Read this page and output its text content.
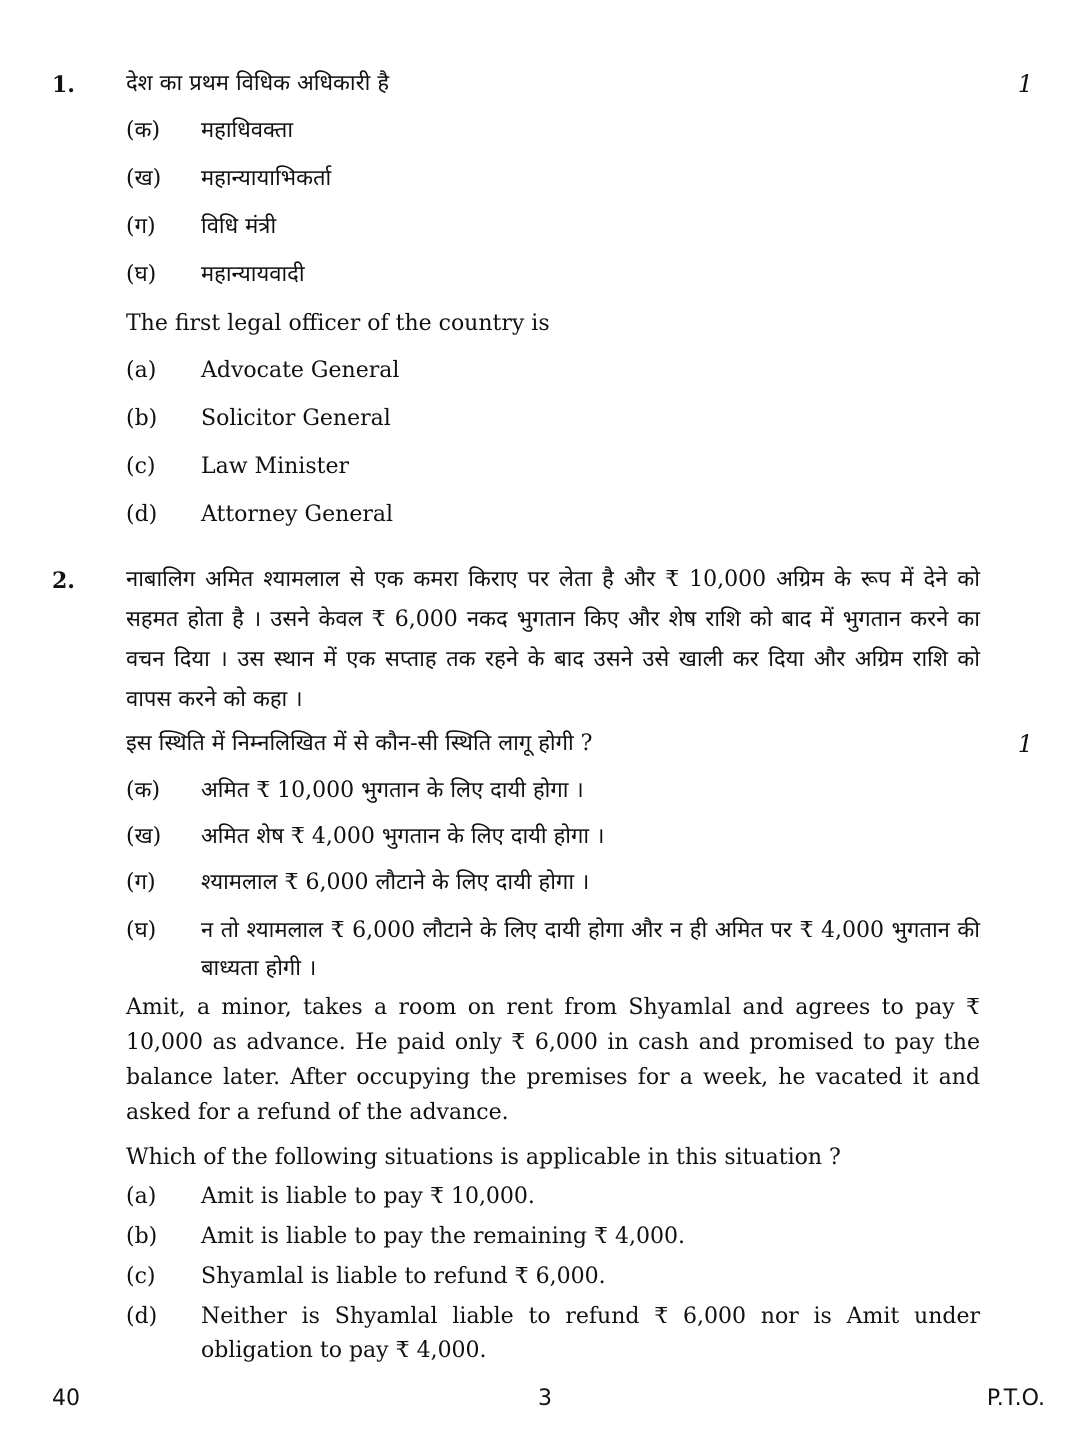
1.	1
देश का प्रथम विधिक अधिकारी है
(क) महाधिवक्ता
(ख) महान्यायाभिकर्ता
(ग) विधि मंत्री
(घ) महान्यायवादी
The first legal officer of the country is
(a) Advocate General
(b) Solicitor General
(c) Law Minister
(d) Attorney General
2. नाबालिग अमित श्यामलाल से एक कमरा किराए पर लेता है और ₹ 10,000 अग्रिम के रूप में देने को सहमत होता है । उसने केवल ₹ 6,000 नकद भुगतान किए और शेष राशि को बाद में भुगतान करने का वचन दिया । उस स्थान में एक सप्ताह तक रहने के बाद उसने उसे खाली कर दिया और अग्रिम राशि को वापस करने को कहा ।
इस स्थिति में निम्नलिखित में से कौन-सी स्थिति लागू होगी ?	1
(क) अमित ₹ 10,000 भुगतान के लिए दायी होगा ।
(ख) अमित शेष ₹ 4,000 भुगतान के लिए दायी होगा ।
(ग) श्यामलाल ₹ 6,000 लौटाने के लिए दायी होगा ।
(घ) न तो श्यामलाल ₹ 6,000 लौटाने के लिए दायी होगा और न ही अमित पर ₹ 4,000 भुगतान की बाध्यता होगी ।
Amit, a minor, takes a room on rent from Shyamlal and agrees to pay ₹ 10,000 as advance. He paid only ₹ 6,000 in cash and promised to pay the balance later. After occupying the premises for a week, he vacated it and asked for a refund of the advance.
Which of the following situations is applicable in this situation ?
(a) Amit is liable to pay ₹ 10,000.
(b) Amit is liable to pay the remaining ₹ 4,000.
(c) Shyamlal is liable to refund ₹ 6,000.
(d) Neither is Shyamlal liable to refund ₹ 6,000 nor is Amit under obligation to pay ₹ 4,000.
40	3	P.T.O.
